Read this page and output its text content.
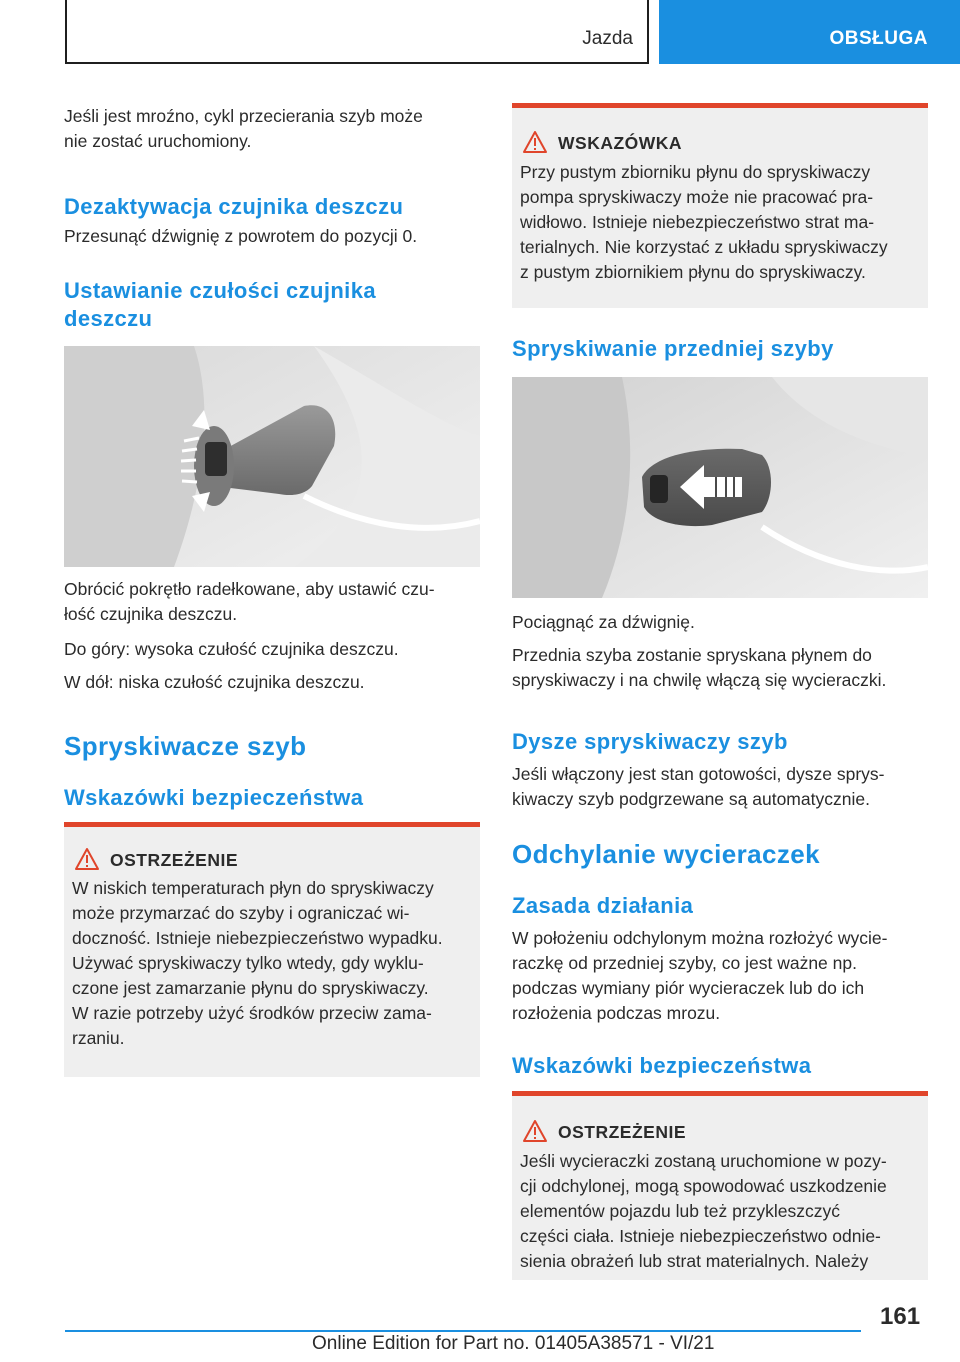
Jazda	OBSŁUGA

Jeśli jest mroźno, cykl przecierania szyb może

nie zostać uruchomiony.

Dezaktywacja czujnika deszczu

Przesunąć dźwignię z powrotem do pozycji 0.

Ustawianie czułości czujnika

deszczu

Obrócić pokrętło radełkowane, aby ustawić czu-

łość czujnika deszczu.

Do góry: wysoka czułość czujnika deszczu.

W dół: niska czułość czujnika deszczu.

Spryskiwacze szyb

Wskazówki bezpieczeństwa

OSTRZEŻENIE

W niskich temperaturach płyn do spryskiwaczy

może przymarzać do szyby i ograniczać wi-

doczność. Istnieje niebezpieczeństwo wypadku.

Używać spryskiwaczy tylko wtedy, gdy wyklu-

czone jest zamarzanie płynu do spryskiwaczy.

W razie potrzeby użyć środków przeciw zama-

rzaniu.

WSKAZÓWKA

Przy pustym zbiorniku płynu do spryskiwaczy

pompa spryskiwaczy może nie pracować pra-

widłowo. Istnieje niebezpieczeństwo strat ma-

terialnych. Nie korzystać z układu spryskiwaczy

z pustym zbiornikiem płynu do spryskiwaczy.

Spryskiwanie przedniej szyby

Pociągnąć za dźwignię.

Przednia szyba zostanie spryskana płynem do

spryskiwaczy i na chwilę włączą się wycieraczki.

Dysze spryskiwaczy szyb

Jeśli włączony jest stan gotowości, dysze sprys-

kiwaczy szyb podgrzewane są automatycznie.

Odchylanie wycieraczek

Zasada działania

W położeniu odchylonym można rozłożyć wycie-

raczkę od przedniej szyby, co jest ważne np.

podczas wymiany piór wycieraczek lub do ich

rozłożenia podczas mrozu.

Wskazówki bezpieczeństwa

OSTRZEŻENIE

Jeśli wycieraczki zostaną uruchomione w pozy-

cji odchylonej, mogą spowodować uszkodzenie

elementów pojazdu lub też przykleszczyć

części ciała. Istnieje niebezpieczeństwo odnie-

sienia obrażeń lub strat materialnych. Należy

161
Online Edition for Part no. 01405A38571 - VI/21
